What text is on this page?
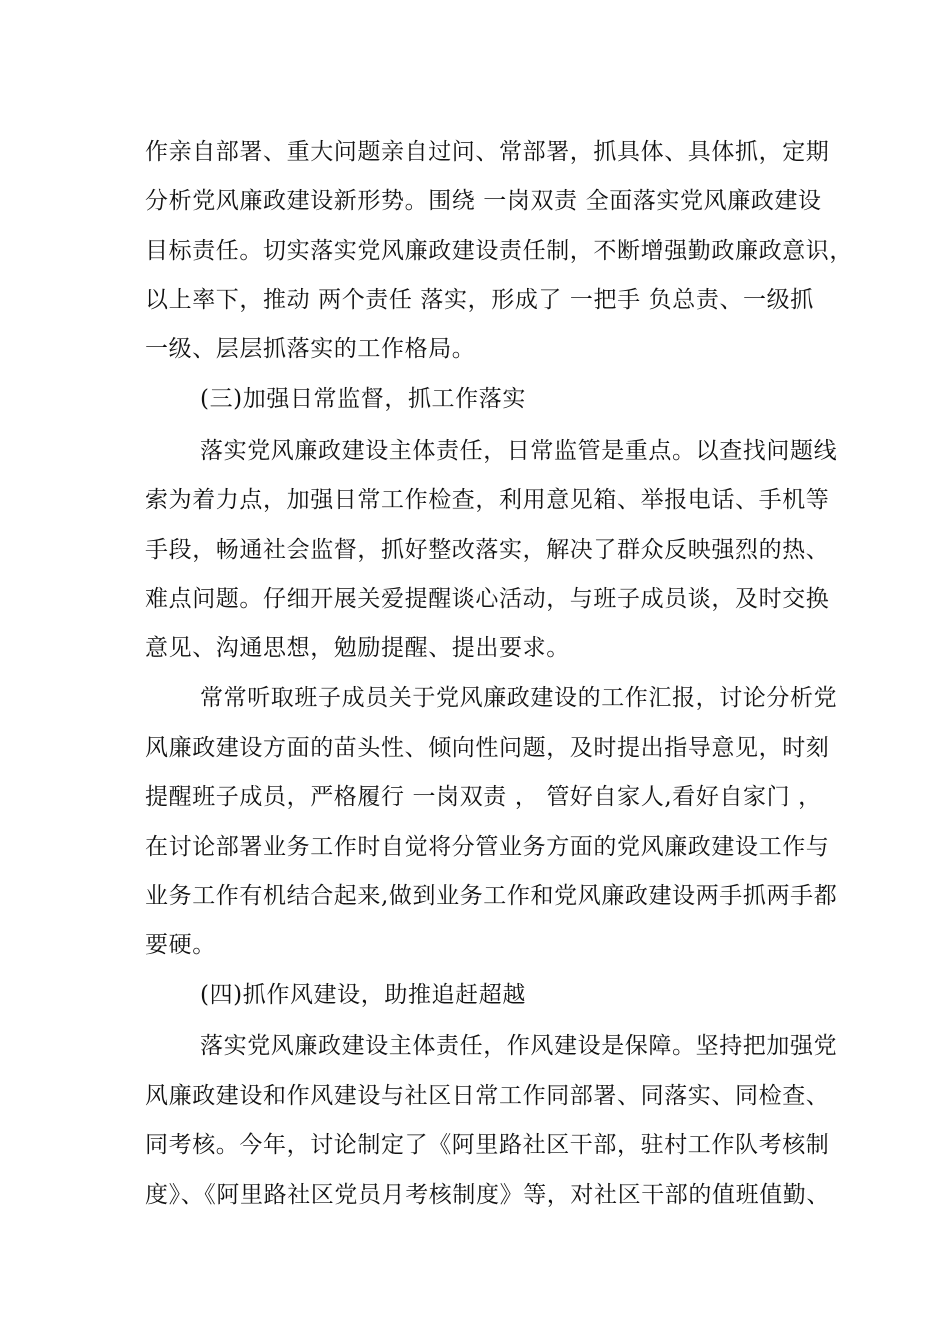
作亲自部署、重大问题亲自过问、常部署，抓具体、具体抓，定期
分析党风廉政建设新形势。围绕 一岗双责 全面落实党风廉政建设
目标责任。切实落实党风廉政建设责任制，不断增强勤政廉政意识，
以上率下，推动 两个责任 落实，形成了 一把手 负总责、一级抓
一级、层层抓落实的工作格局。
(三)加强日常监督，抓工作落实
落实党风廉政建设主体责任，日常监管是重点。以查找问题线
索为着力点，加强日常工作检查，利用意见箱、举报电话、手机等
手段，畅通社会监督，抓好整改落实，解决了群众反映强烈的热、
难点问题。仔细开展关爱提醒谈心活动，与班子成员谈，及时交换
意见、沟通思想，勉励提醒、提出要求。
常常听取班子成员关于党风廉政建设的工作汇报，讨论分析党
风廉政建设方面的苗头性、倾向性问题，及时提出指导意见，时刻
提醒班子成员，严格履行 一岗双责 ， 管好自家人,看好自家门 ，
在讨论部署业务工作时自觉将分管业务方面的党风廉政建设工作与
业务工作有机结合起来,做到业务工作和党风廉政建设两手抓两手都
要硬。
(四)抓作风建设，助推追赶超越
落实党风廉政建设主体责任，作风建设是保障。坚持把加强党
风廉政建设和作风建设与社区日常工作同部署、同落实、同检查、
同考核。今年，讨论制定了《阿里路社区干部，驻村工作队考核制
度》、《阿里路社区党员月考核制度》等，对社区干部的值班值勤、
